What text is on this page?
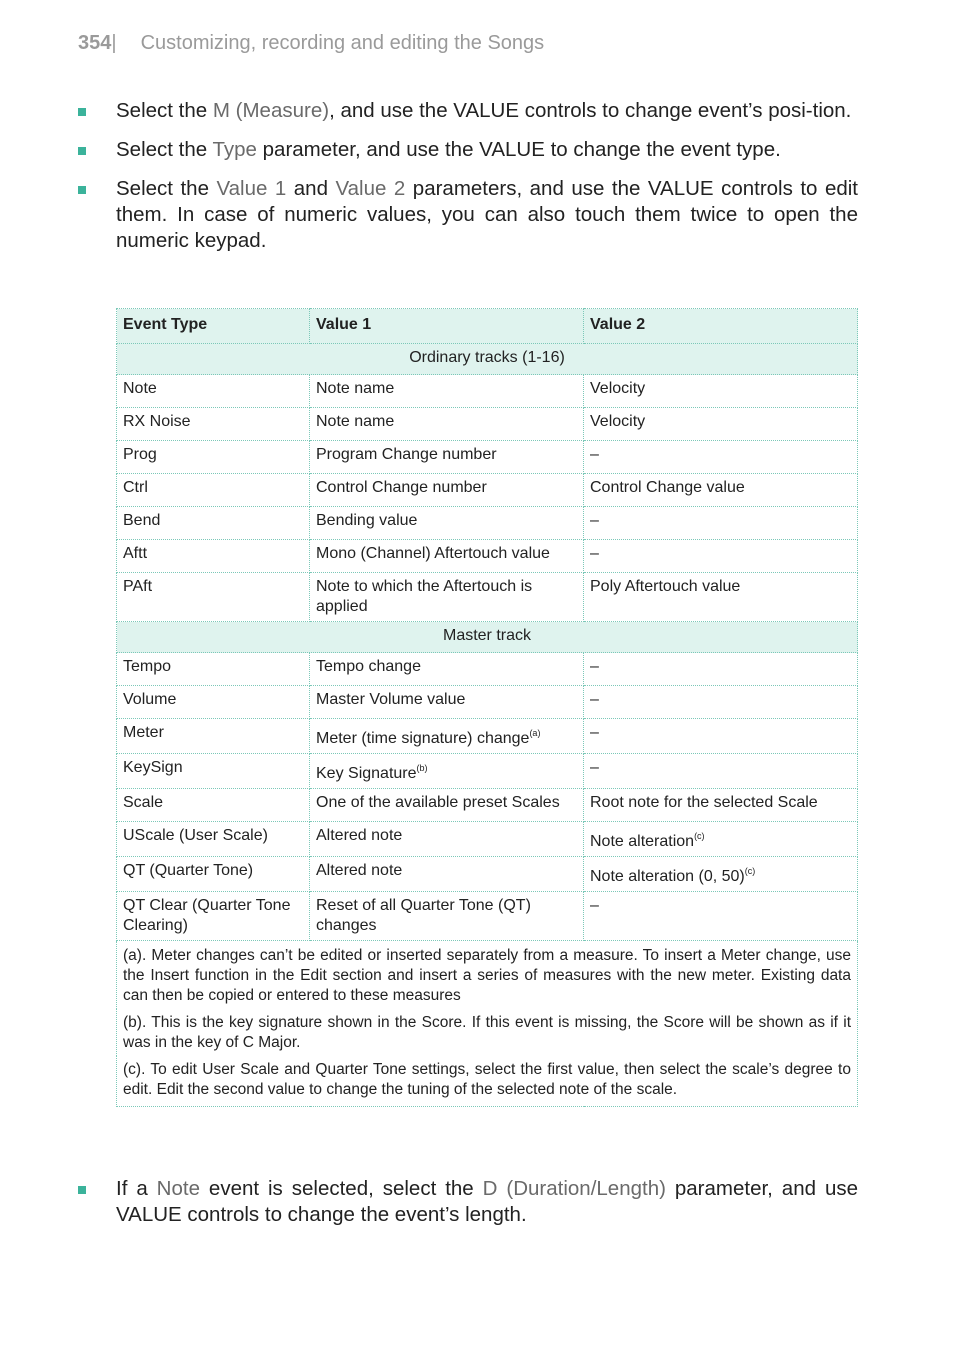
354| Customizing, recording and editing the Songs
Select the M (Measure), and use the VALUE controls to change event’s posi-tion.
Select the Type parameter, and use the VALUE to change the event type.
Select the Value 1 and Value 2 parameters, and use the VALUE controls to edit them. In case of numeric values, you can also touch them twice to open the numeric keypad.
Event Type	Value 1	Value 2
Ordinary tracks (1-16)		
Note	Note name	Velocity
RX Noise	Note name	Velocity
Prog	Program Change number	–
Ctrl	Control Change number	Control Change value
Bend	Bending value	–
Aftt	Mono (Channel) Aftertouch value	–
PAft	Note to which the Aftertouch is applied	Poly Aftertouch value
Master track		
Tempo	Tempo change	–
Volume	Master Volume value	–
Meter	Meter (time signature) change$^{(a)}$	–
KeySign	Key Signature$^{(b)}$	–
Scale	One of the available preset Scales	Root note for the selected Scale
UScale (User Scale)	Altered note	Note alteration$^{(c)}$
QT (Quarter Tone)	Altered note	Note alteration (0, 50)$^{(c)}$
QT Clear (Quarter Tone Clearing)	Reset of all Quarter Tone (QT) changes	–
(a). Meter changes can’t be edited or inserted separately from a measure. To insert a Meter change, use the Insert function in the Edit section and insert a series of measures with the new meter. Existing data can then be copied or entered to these measures		
(b). This is the key signature shown in the Score. If this event is missing, the Score will be shown as if it was in the key of C Major.		
(c). To edit User Scale and Quarter Tone settings, select the first value, then select the scale’s degree to edit. Edit the second value to change the tuning of the selected note of the scale.		
If a Note event is selected, select the D (Duration/Length) parameter, and use VALUE controls to change the event’s length.
